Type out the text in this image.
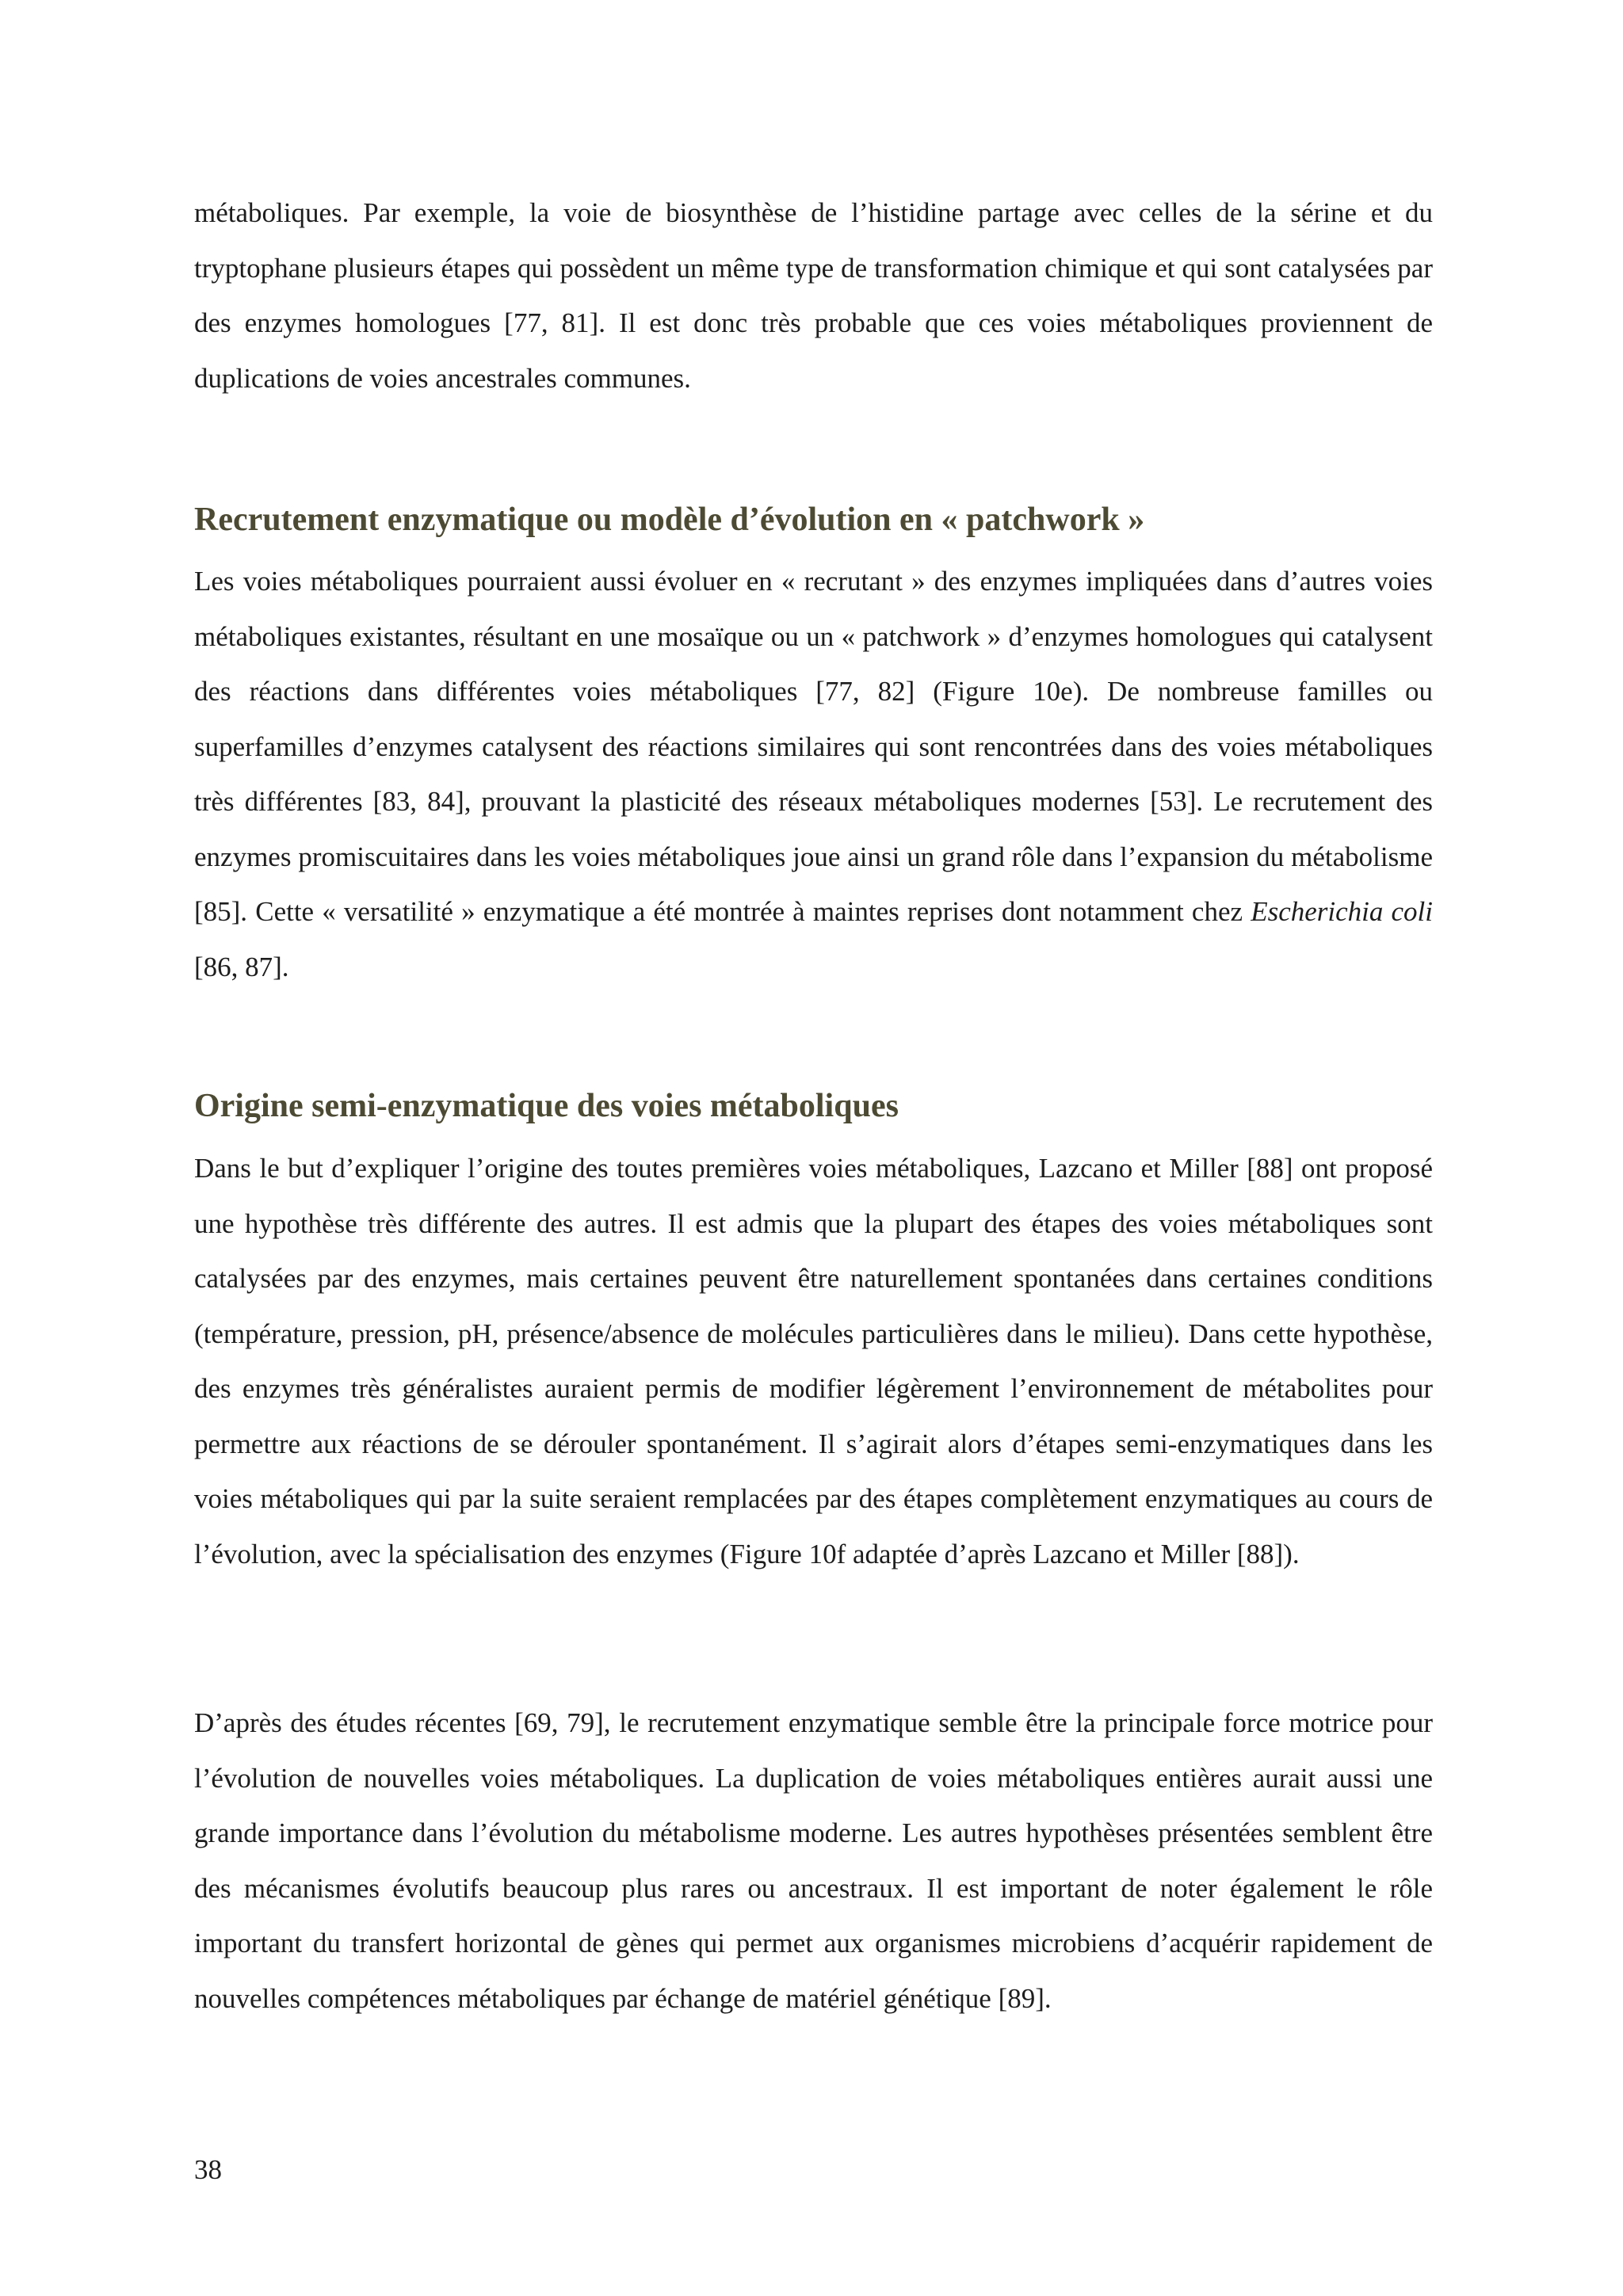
métaboliques. Par exemple, la voie de biosynthèse de l’histidine partage avec celles de la sérine et du tryptophane plusieurs étapes qui possèdent un même type de transformation chimique et qui sont catalysées par des enzymes homologues [77, 81]. Il est donc très probable que ces voies métaboliques proviennent de duplications de voies ancestrales communes.

Recrutement enzymatique ou modèle d’évolution en « patchwork »

Les voies métaboliques pourraient aussi évoluer en « recrutant » des enzymes impliquées dans d’autres voies métaboliques existantes, résultant en une mosaïque ou un « patchwork » d’enzymes homologues qui catalysent des réactions dans différentes voies métaboliques [77, 82] (Figure 10e). De nombreuse familles ou superfamilles d’enzymes catalysent des réactions similaires qui sont rencontrées dans des voies métaboliques très différentes [83, 84], prouvant la plasticité des réseaux métaboliques modernes [53]. Le recrutement des enzymes promiscuitaires dans les voies métaboliques joue ainsi un grand rôle dans l’expansion du métabolisme [85]. Cette « versatilité » enzymatique a été montrée à maintes reprises dont notamment chez Escherichia coli [86, 87].

Origine semi-enzymatique des voies métaboliques

Dans le but d’expliquer l’origine des toutes premières voies métaboliques, Lazcano et Miller [88] ont proposé une hypothèse très différente des autres. Il est admis que la plupart des étapes des voies métaboliques sont catalysées par des enzymes, mais certaines peuvent être naturellement spontanées dans certaines conditions (température, pression, pH, présence/absence de molécules particulières dans le milieu). Dans cette hypothèse, des enzymes très généralistes auraient permis de modifier légèrement l’environnement de métabolites pour permettre aux réactions de se dérouler spontanément. Il s’agirait alors d’étapes semi-enzymatiques dans les voies métaboliques qui par la suite seraient remplacées par des étapes complètement enzymatiques au cours de l’évolution, avec la spécialisation des enzymes (Figure 10f adaptée d’après Lazcano et Miller [88]).

D’après des études récentes [69, 79], le recrutement enzymatique semble être la principale force motrice pour l’évolution de nouvelles voies métaboliques. La duplication de voies métaboliques entières aurait aussi une grande importance dans l’évolution du métabolisme moderne. Les autres hypothèses présentées semblent être des mécanismes évolutifs beaucoup plus rares ou ancestraux. Il est important de noter également le rôle important du transfert horizontal de gènes qui permet aux organismes microbiens d’acquérir rapidement de nouvelles compétences métaboliques par échange de matériel génétique [89].

38
